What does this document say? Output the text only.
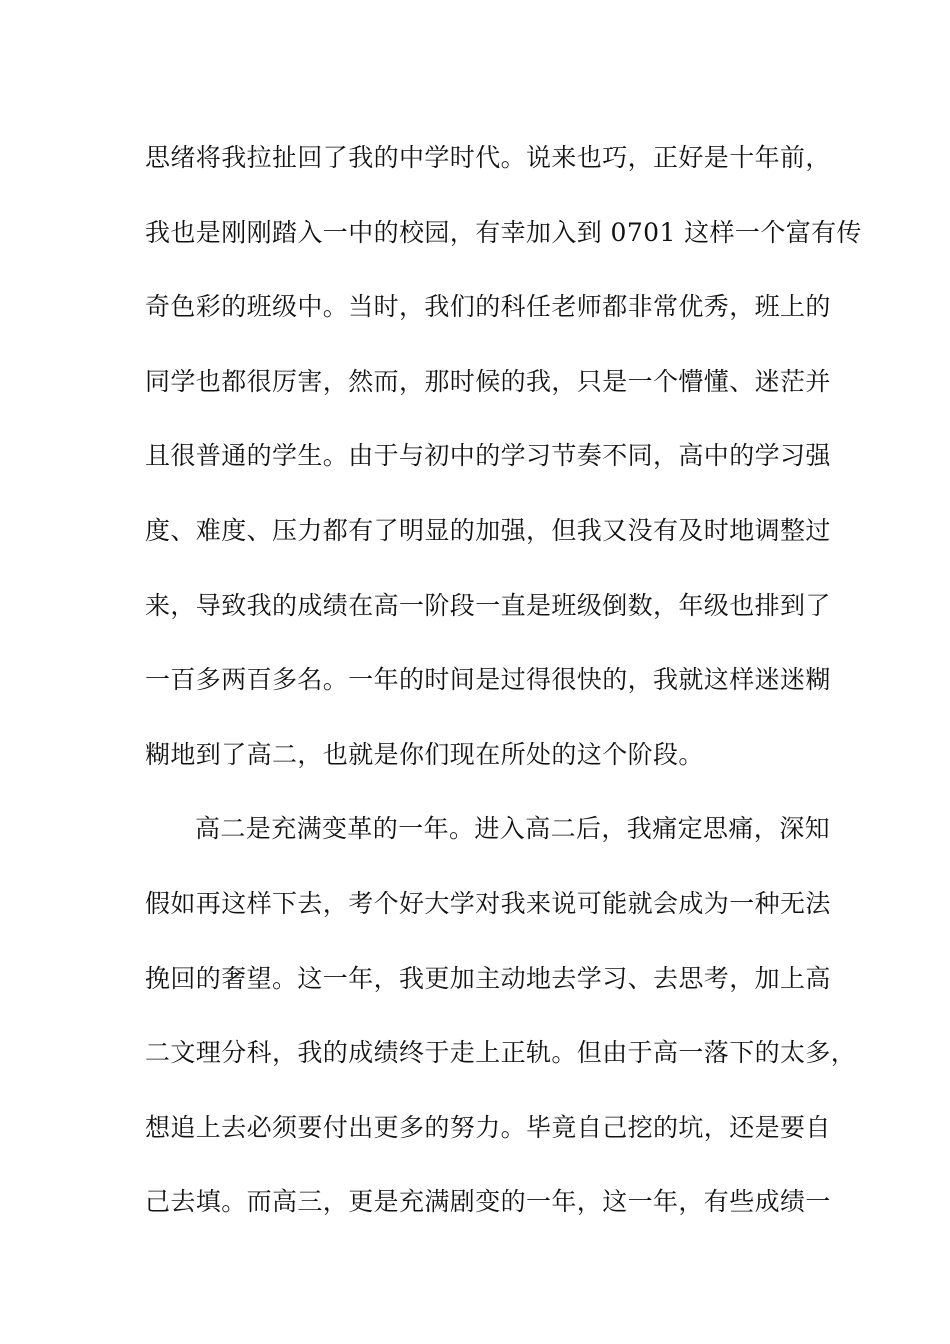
思绪将我拉扯回了我的中学时代。说来也巧，正好是十年前，
我也是刚刚踏入一中的校园，有幸加入到 0701 这样一个富有传
奇色彩的班级中。当时，我们的科任老师都非常优秀，班上的
同学也都很厉害，然而，那时候的我，只是一个懵懂、迷茫并
且很普通的学生。由于与初中的学习节奏不同，高中的学习强
度、难度、压力都有了明显的加强，但我又没有及时地调整过
来，导致我的成绩在高一阶段一直是班级倒数，年级也排到了
一百多两百多名。一年的时间是过得很快的，我就这样迷迷糊
糊地到了高二，也就是你们现在所处的这个阶段。
高二是充满变革的一年。进入高二后，我痛定思痛，深知
假如再这样下去，考个好大学对我来说可能就会成为一种无法
挽回的奢望。这一年，我更加主动地去学习、去思考，加上高
二文理分科，我的成绩终于走上正轨。但由于高一落下的太多，
想追上去必须要付出更多的努力。毕竟自己挖的坑，还是要自
己去填。而高三，更是充满剧变的一年，这一年，有些成绩一
